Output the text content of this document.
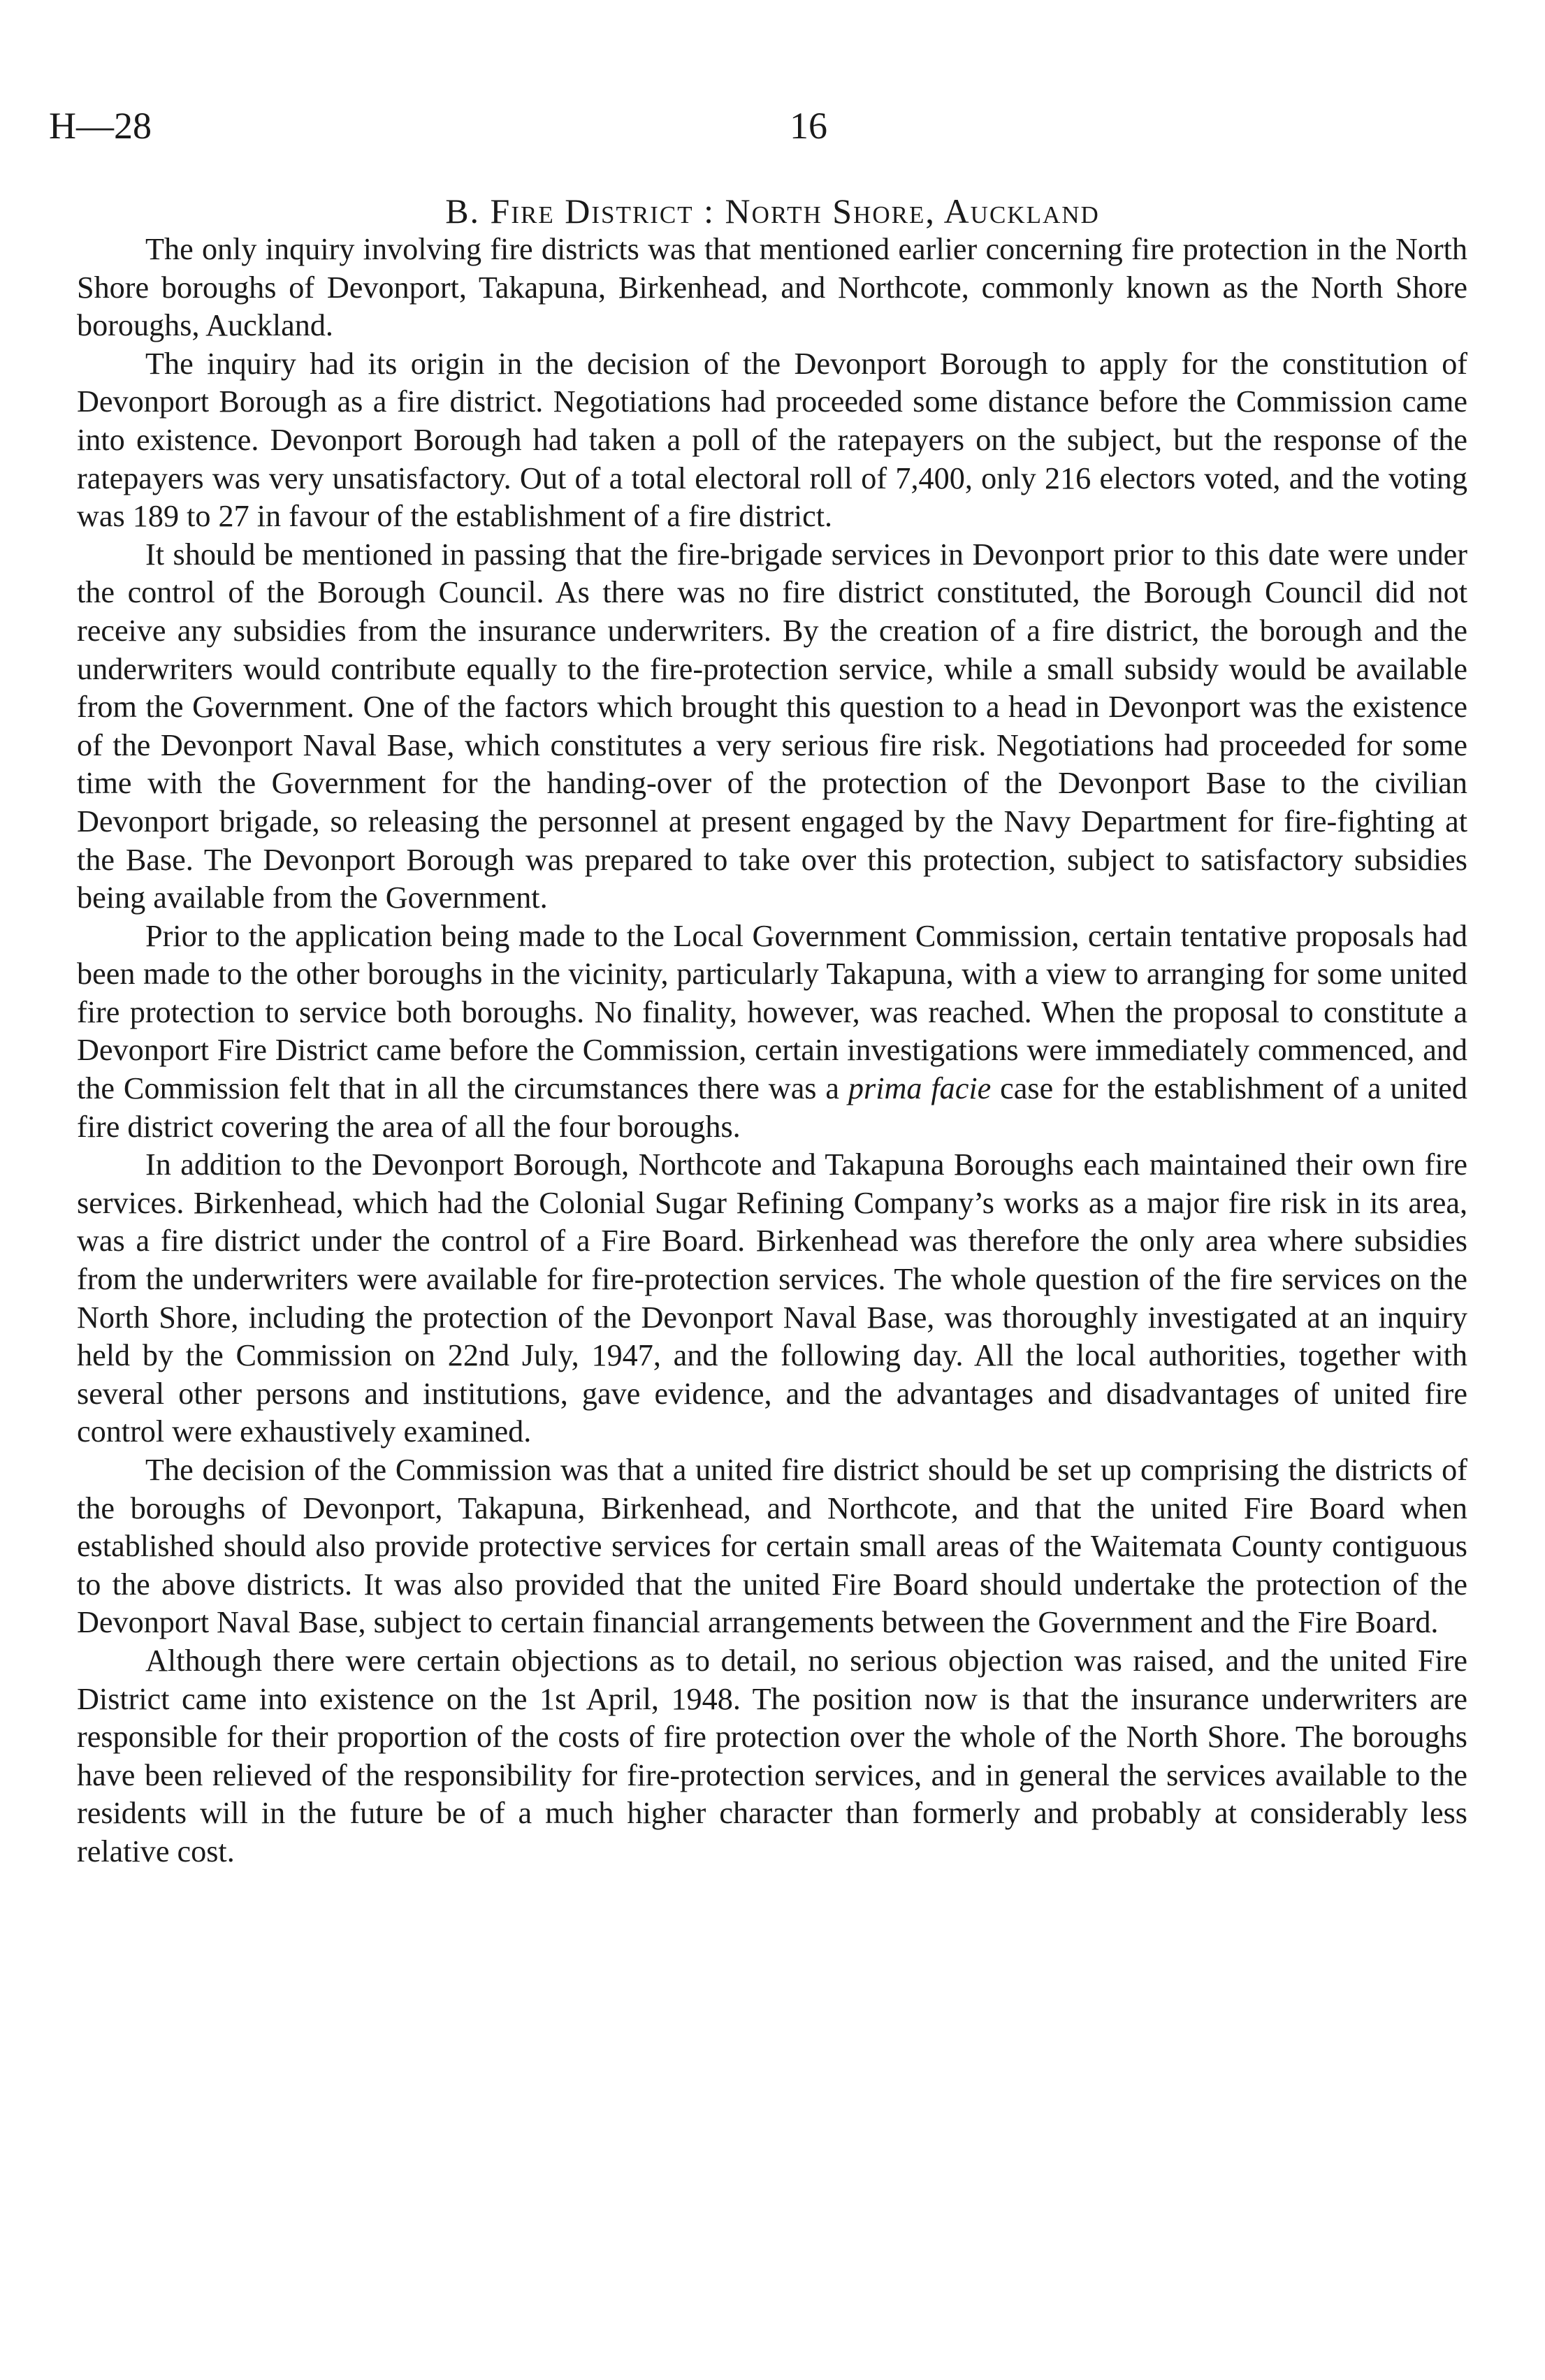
H—28	16
B. Fire District : North Shore, Auckland

The only inquiry involving fire districts was that mentioned earlier concerning fire protection in the North Shore boroughs of Devonport, Takapuna, Birkenhead, and Northcote, commonly known as the North Shore boroughs, Auckland.

The inquiry had its origin in the decision of the Devonport Borough to apply for the constitution of Devonport Borough as a fire district. Negotiations had proceeded some distance before the Commission came into existence. Devonport Borough had taken a poll of the ratepayers on the subject, but the response of the ratepayers was very unsatisfactory. Out of a total electoral roll of 7,400, only 216 electors voted, and the voting was 189 to 27 in favour of the establishment of a fire district.

It should be mentioned in passing that the fire-brigade services in Devonport prior to this date were under the control of the Borough Council. As there was no fire district constituted, the Borough Council did not receive any subsidies from the insurance underwriters. By the creation of a fire district, the borough and the underwriters would contribute equally to the fire-protection service, while a small subsidy would be available from the Government. One of the factors which brought this question to a head in Devonport was the existence of the Devonport Naval Base, which constitutes a very serious fire risk. Negotiations had proceeded for some time with the Government for the handing-over of the protection of the Devonport Base to the civilian Devonport brigade, so releasing the personnel at present engaged by the Navy Department for fire-fighting at the Base. The Devonport Borough was prepared to take over this protection, subject to satisfactory subsidies being available from the Government.

Prior to the application being made to the Local Government Commission, certain tentative proposals had been made to the other boroughs in the vicinity, particularly Takapuna, with a view to arranging for some united fire protection to service both boroughs. No finality, however, was reached. When the proposal to constitute a Devonport Fire District came before the Commission, certain investigations were immediately commenced, and the Commission felt that in all the circumstances there was a prima facie case for the establishment of a united fire district covering the area of all the four boroughs.

In addition to the Devonport Borough, Northcote and Takapuna Boroughs each maintained their own fire services. Birkenhead, which had the Colonial Sugar Refining Company’s works as a major fire risk in its area, was a fire district under the control of a Fire Board. Birkenhead was therefore the only area where subsidies from the underwriters were available for fire-protection services. The whole question of the fire services on the North Shore, including the protection of the Devonport Naval Base, was thoroughly investigated at an inquiry held by the Commission on 22nd July, 1947, and the following day. All the local authorities, together with several other persons and institutions, gave evidence, and the advantages and disadvantages of united fire control were exhaustively examined.

The decision of the Commission was that a united fire district should be set up comprising the districts of the boroughs of Devonport, Takapuna, Birkenhead, and Northcote, and that the united Fire Board when established should also provide protective services for certain small areas of the Waitemata County contiguous to the above districts. It was also provided that the united Fire Board should undertake the protection of the Devonport Naval Base, subject to certain financial arrangements between the Government and the Fire Board.

Although there were certain objections as to detail, no serious objection was raised, and the united Fire District came into existence on the 1st April, 1948. The position now is that the insurance underwriters are responsible for their proportion of the costs of fire protection over the whole of the North Shore. The boroughs have been relieved of the responsibility for fire-protection services, and in general the services available to the residents will in the future be of a much higher character than formerly and probably at considerably less relative cost.
